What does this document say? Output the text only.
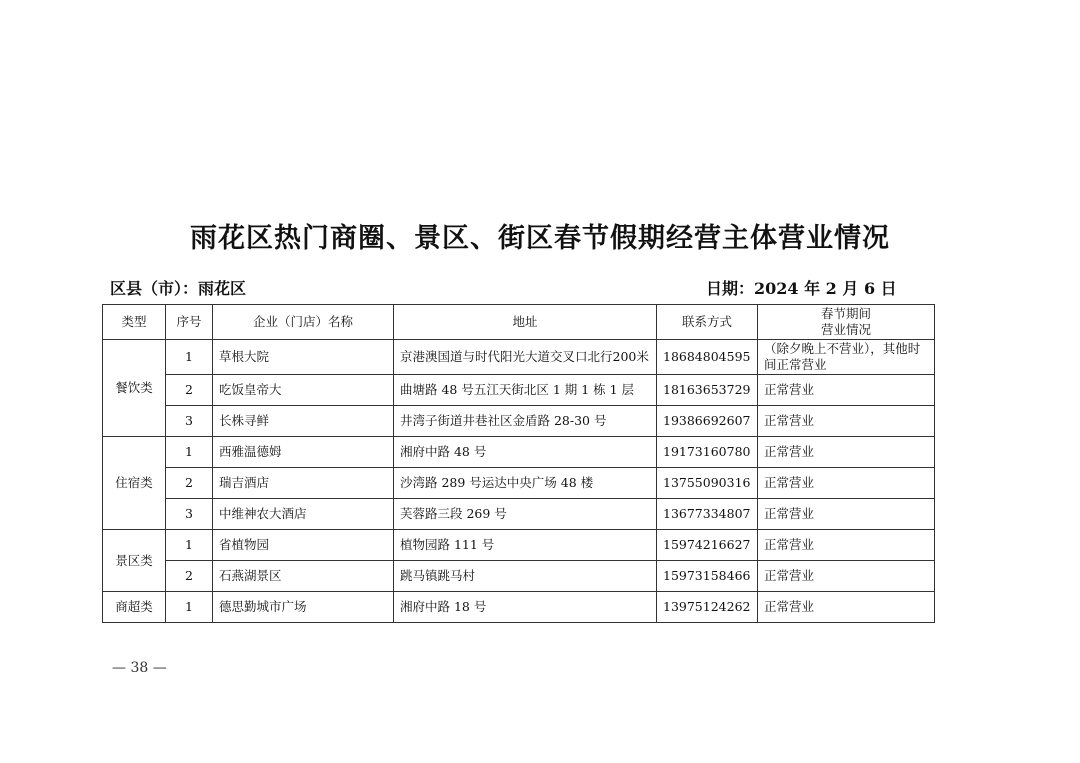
雨花区热门商圈、景区、街区春节假期经营主体营业情况
区县（市）：雨花区	日期：2024 年 2 月 6 日
类型	序号	企业（门店）名称	地址	联系方式	春节期间
营业情况

餐饮类	1	草根大院	京港澳国道与时代阳光大道交叉口北行200米	18684804595	（除夕晚上不营业），其他时间正常营业
	2	吃饭皇帝大	曲塘路 48 号五江天街北区 1 期 1 栋 1 层	18163653729	正常营业
	3	长株寻鲜	井湾子街道井巷社区金盾路 28-30 号	19386692607	正常营业
住宿类	1	西雅温德姆	湘府中路 48 号	19173160780	正常营业
	2	瑞吉酒店	沙湾路 289 号运达中央广场 48 楼	13755090316	正常营业
	3	中维神农大酒店	芙蓉路三段 269 号	13677334807	正常营业
景区类	1	省植物园	植物园路 111 号	15974216627	正常营业
	2	石燕湖景区	跳马镇跳马村	15973158466	正常营业
商超类	1	德思勤城市广场	湘府中路 18 号	13975124262	正常营业
— 38 —
